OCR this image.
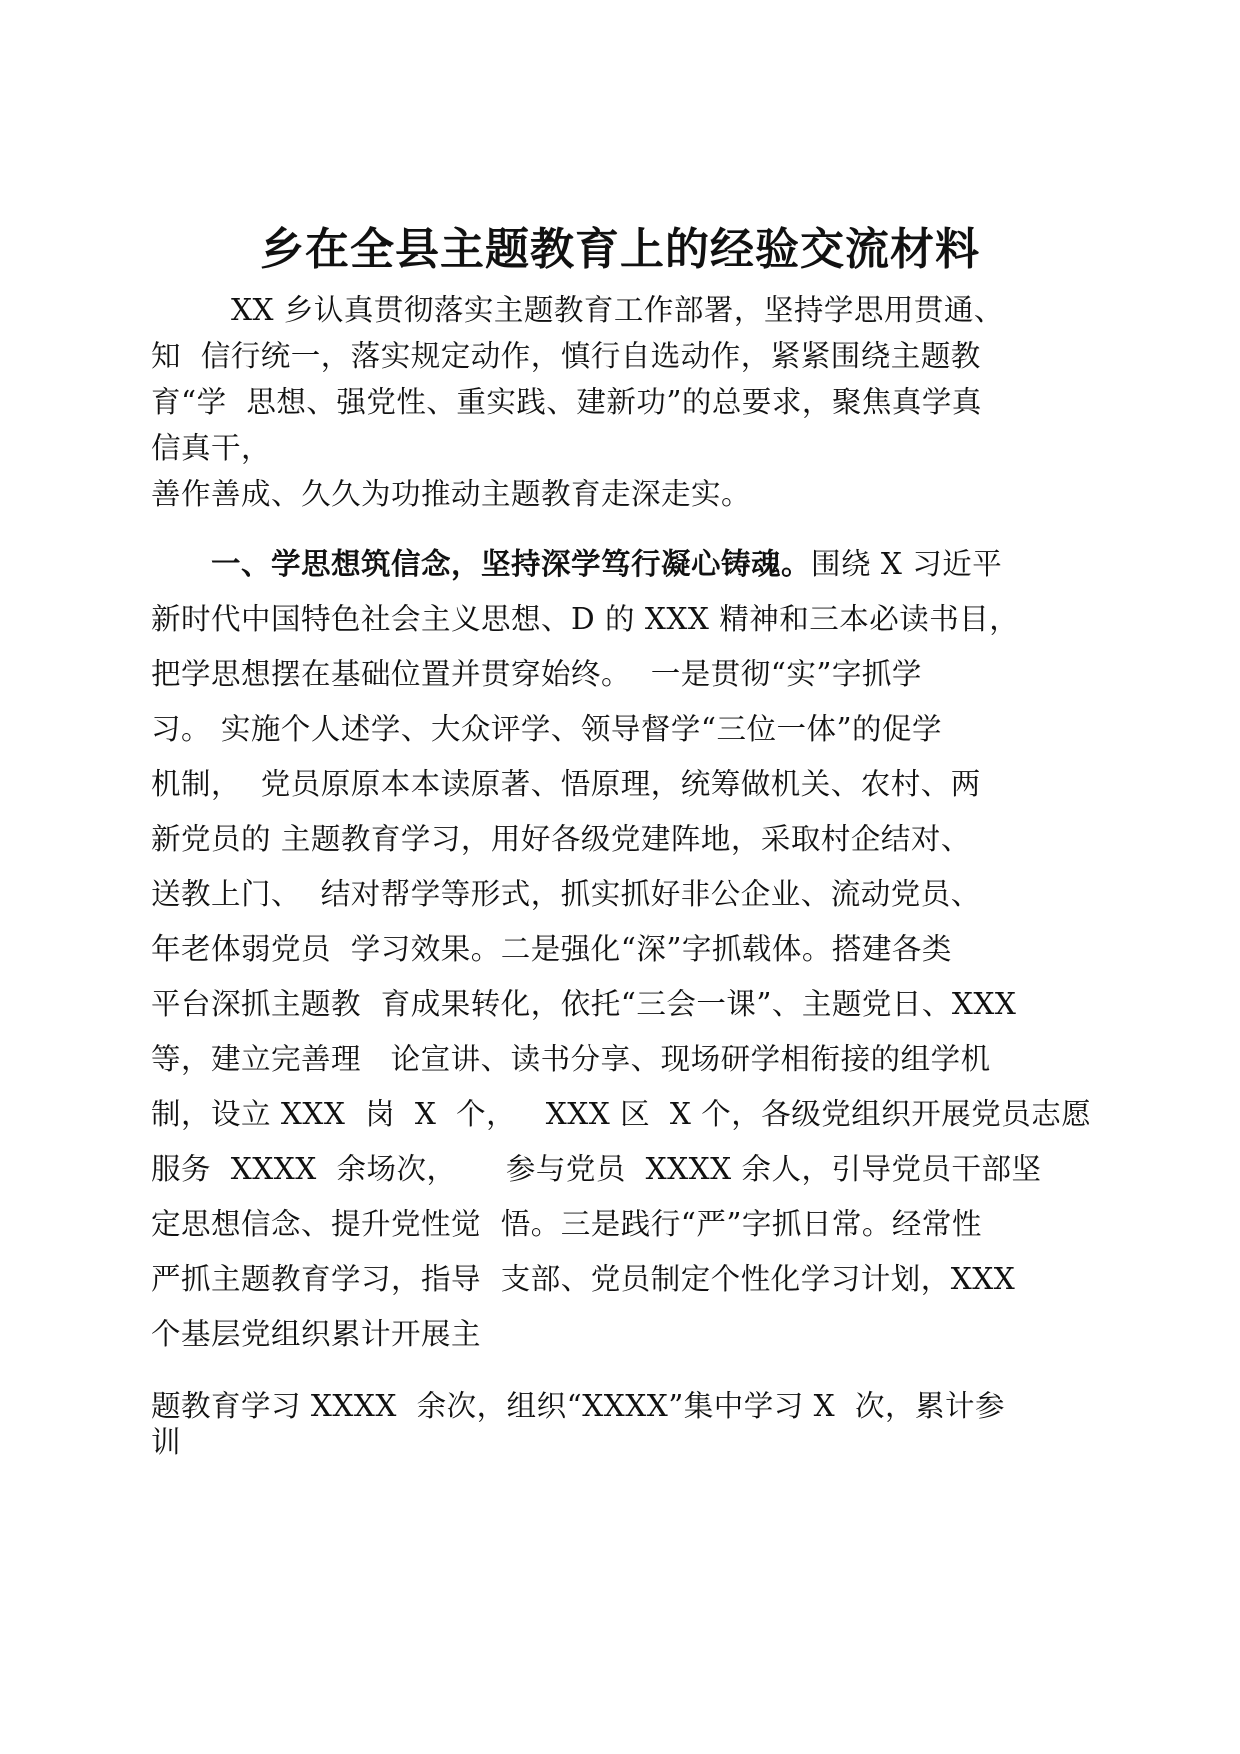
乡在全县主题教育上的经验交流材料

XX 乡认真贯彻落实主题教育工作部署，坚持学思用贯通、

知  信行统一，落实规定动作，慎行自选动作，紧紧围绕主题教

育“学  思想、强党性、重实践、建新功”的总要求，聚焦真学真

信真干，

善作善成、久久为功推动主题教育走深走实。

一、学思想筑信念，坚持深学笃行凝心铸魂。围绕 X 习近平

新时代中国特色社会主义思想、D 的 XXX 精神和三本必读书目，

把学思想摆在基础位置并贯穿始终。  一是贯彻“实”字抓学

习。 实施个人述学、大众评学、领导督学“三位一体”的促学

机制，  党员原原本本读原著、悟原理，统筹做机关、农村、两

新党员的 主题教育学习，用好各级党建阵地，采取村企结对、

送教上门、  结对帮学等形式，抓实抓好非公企业、流动党员、

年老体弱党员  学习效果。二是强化“深”字抓载体。搭建各类

平台深抓主题教  育成果转化，依托“三会一课”、主题党日、XXX

等，建立完善理   论宣讲、读书分享、现场研学相衔接的组学机

制，设立 XXX  岗  X  个，   XXX 区  X 个，各级党组织开展党员志愿

服务  XXXX  余场次，     参与党员  XXXX 余人，引导党员干部坚

定思想信念、提升党性觉  悟。三是践行“严”字抓日常。经常性

严抓主题教育学习，指导  支部、党员制定个性化学习计划，XXX

个基层党组织累计开展主

题教育学习 XXXX  余次，组织“XXXX”集中学习 X  次，累计参

训
